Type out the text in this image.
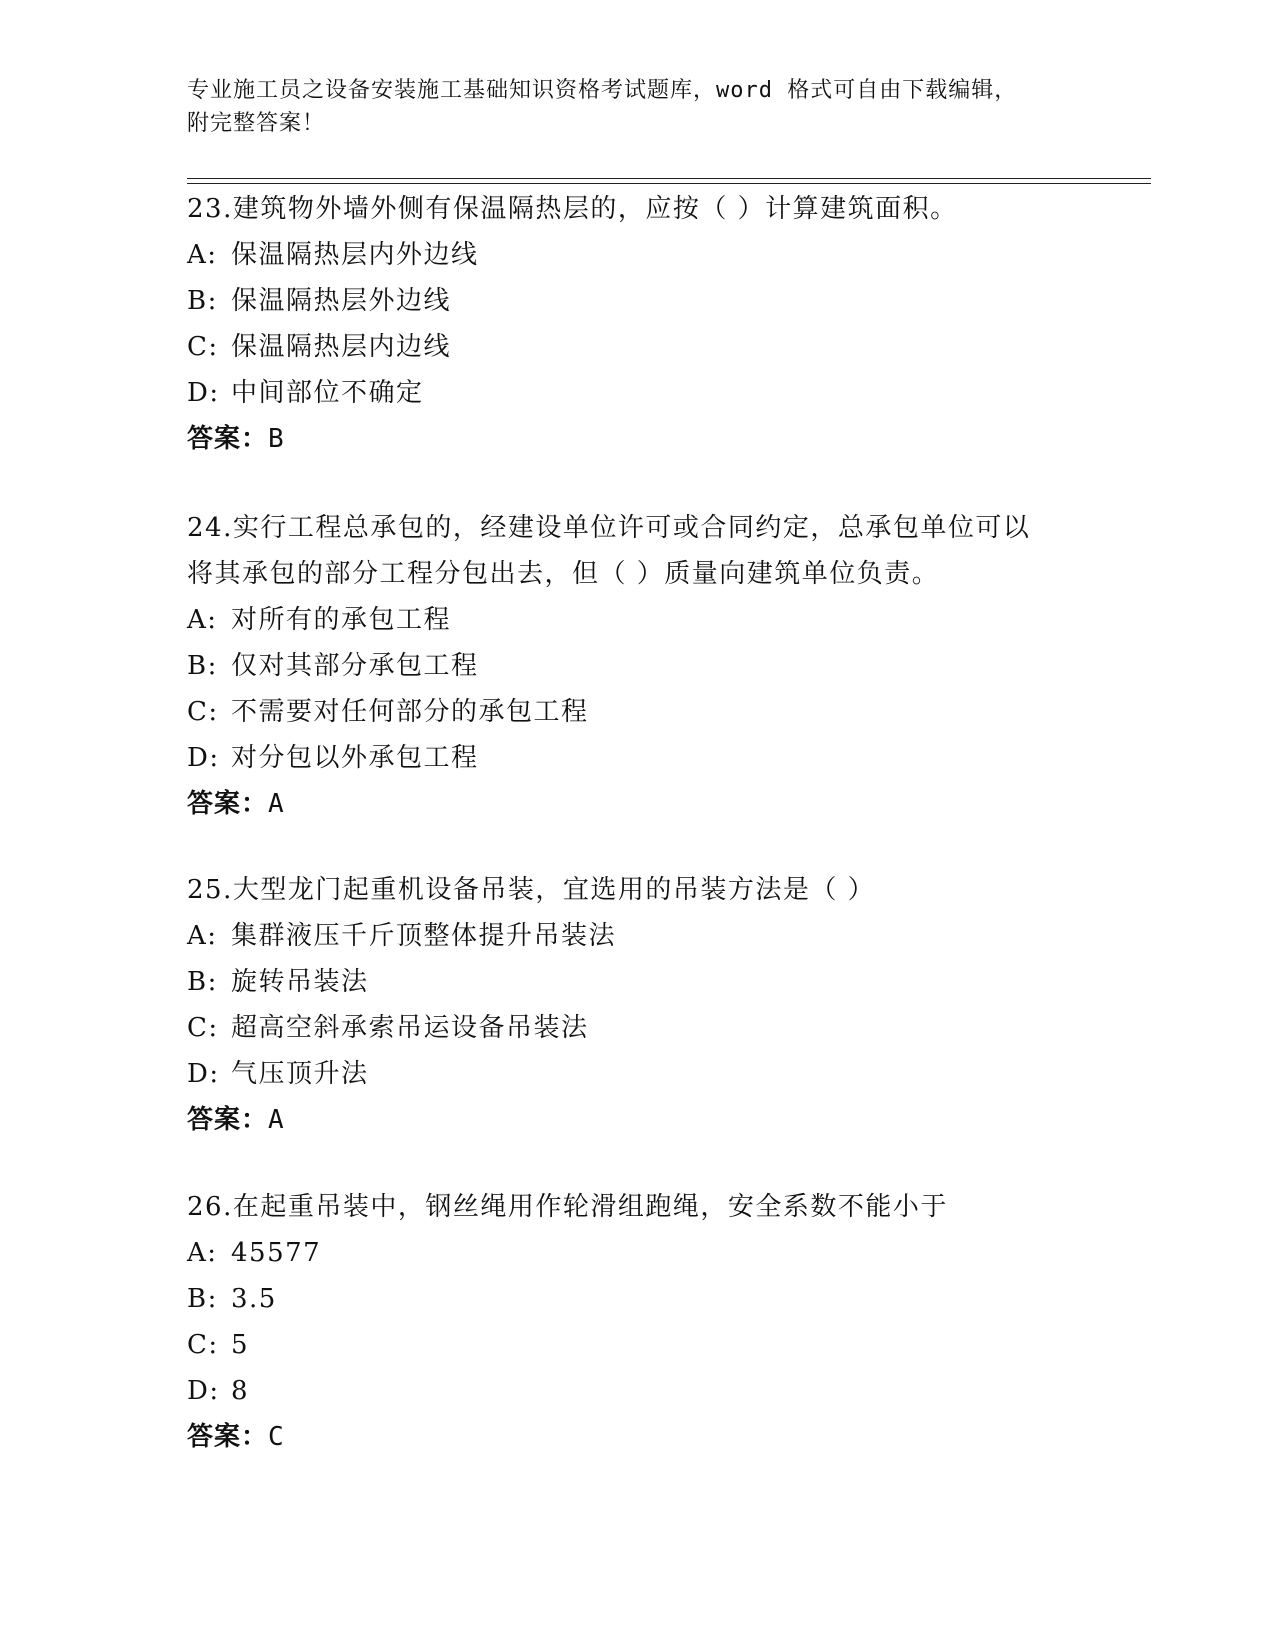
专业施工员之设备安装施工基础知识资格考试题库，word 格式可自由下载编辑，
附完整答案！

23.建筑物外墙外侧有保温隔热层的，应按（ ）计算建筑面积。

A: 保温隔热层内外边线

B: 保温隔热层外边线

C: 保温隔热层内边线

D: 中间部位不确定

答案：B

24.实行工程总承包的，经建设单位许可或合同约定，总承包单位可以

将其承包的部分工程分包出去，但（ ）质量向建筑单位负责。

A: 对所有的承包工程

B: 仅对其部分承包工程

C: 不需要对任何部分的承包工程

D: 对分包以外承包工程

答案：A

25.大型龙门起重机设备吊装，宜选用的吊装方法是（ ）

A: 集群液压千斤顶整体提升吊装法

B: 旋转吊装法

C: 超高空斜承索吊运设备吊装法

D: 气压顶升法

答案：A

26.在起重吊装中，钢丝绳用作轮滑组跑绳，安全系数不能小于

A: 45577

B: 3.5

C: 5

D: 8

答案：C
